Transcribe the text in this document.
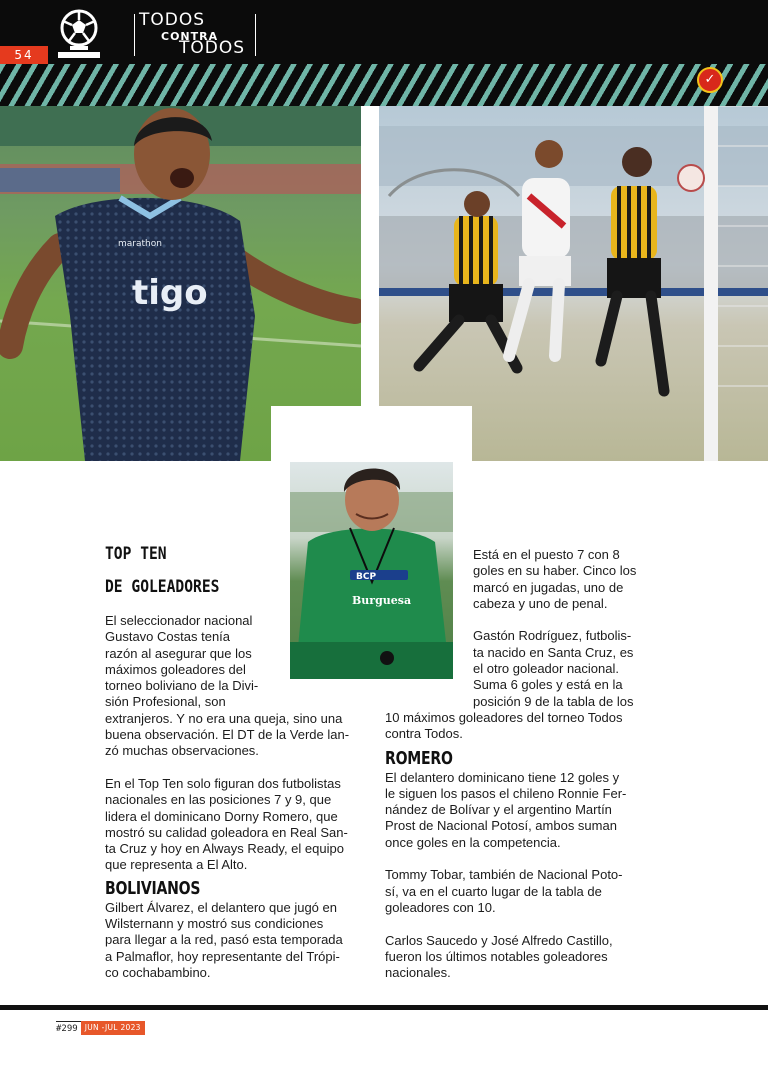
TODOS
CONTRA
TODOS
54
tigo
marathon
✓
BCP
Burguesa
TOP TEN
DE GOLEADORES

El seleccionador nacional

Gustavo Costas tenía

razón al asegurar que los

máximos goleadores del

torneo boliviano de la Divi-

sión Profesional, son

extranjeros. Y no era una queja, sino una

buena observación. El DT de la Verde lan-

zó muchas observaciones.

En el Top Ten solo figuran dos futbolistas

nacionales en las posiciones 7 y 9, que

lidera el dominicano Dorny Romero, que

mostró su calidad goleadora en Real San-

ta Cruz y hoy en Always Ready, el equipo

que representa a El Alto.

BOLIVIANOS

Gilbert Álvarez, el delantero que jugó en

Wilsternann y mostró sus condiciones

para llegar a la red, pasó esta temporada

a Palmaflor, hoy representante del Trópi-

co cochabambino.

Está en el puesto 7 con 8

goles en su haber. Cinco los

marcó en jugadas, uno de

cabeza y uno de penal.

Gastón Rodríguez, futbolis-

ta nacido en Santa Cruz, es

el otro goleador nacional.

Suma 6 goles y está en la

posición 9 de la tabla de los

10 máximos goleadores del torneo Todos

contra Todos.

ROMERO

El delantero dominicano tiene 12 goles y

le siguen los pasos el chileno Ronnie Fer-

nández de Bolívar y el argentino Martín

Prost de Nacional Potosí, ambos suman

once goles en la competencia.

Tommy Tobar, también de Nacional Poto-

sí, va en el cuarto lugar de la tabla de

goleadores con 10.

Carlos Saucedo y José Alfredo Castillo,

fueron los últimos notables goleadores

nacionales.

#299 JUN -JUL 2023
